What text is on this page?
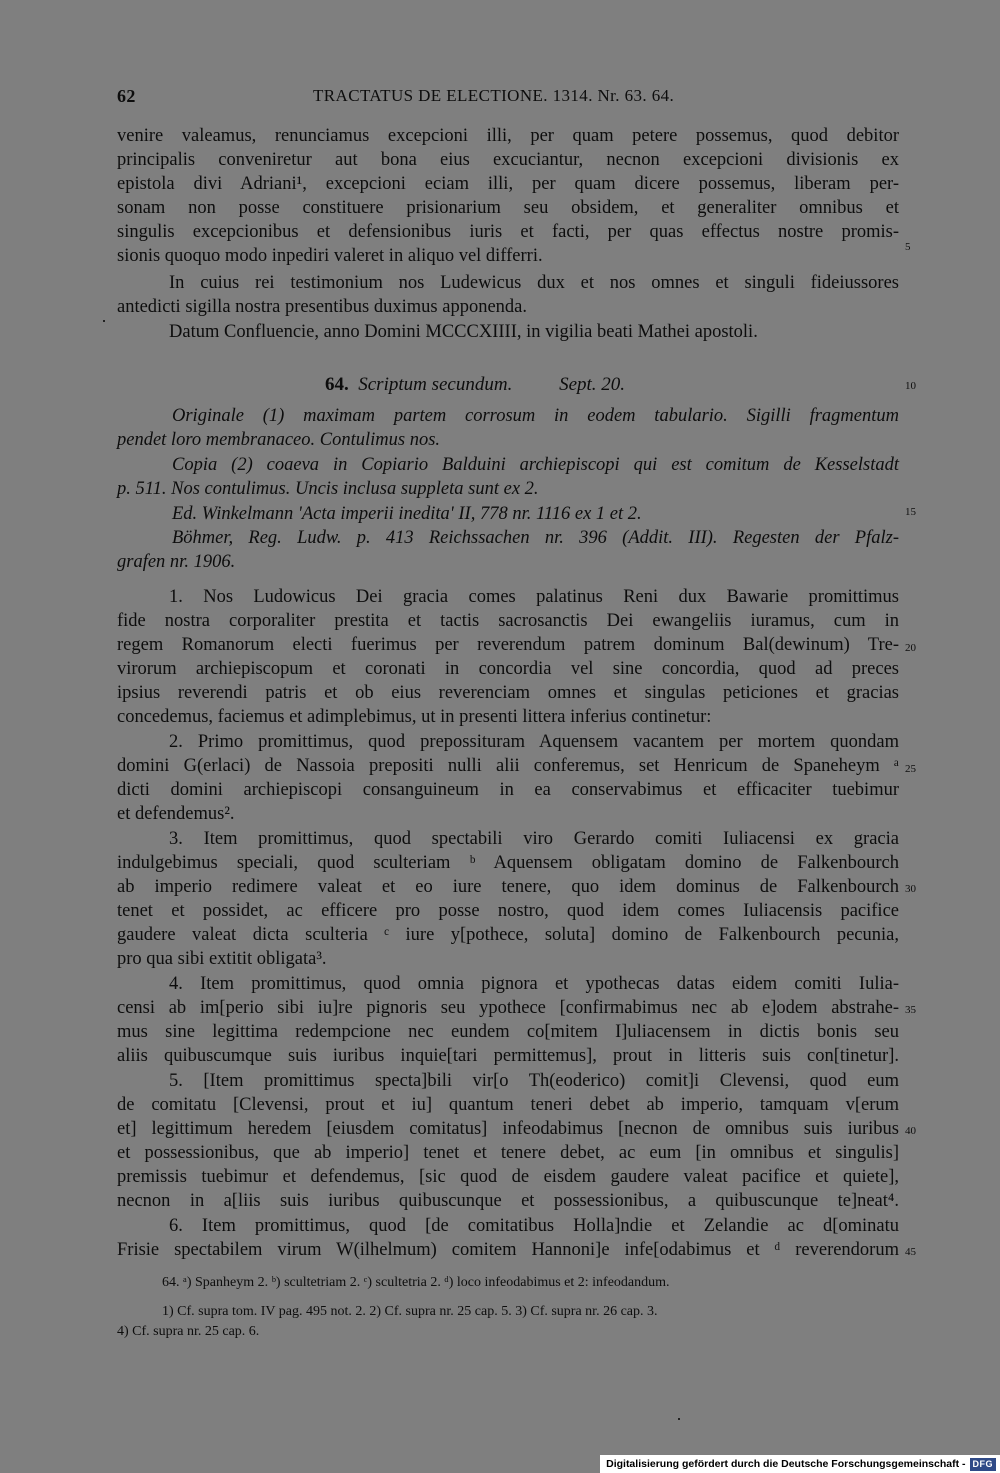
62	TRACTATUS DE ELECTIONE. 1314. Nr. 63. 64.
venire valeamus, renunciamus excepcioni illi, per quam petere possemus, quod debitor
principalis conveniretur aut bona eius excuciantur, necnon excepcioni divisionis ex
epistola divi Adriani¹, excepcioni eciam illi, per quam dicere possemus, liberam per-
sonam non posse constituere prisionarium seu obsidem, et generaliter omnibus et
singulis excepcionibus et defensionibus iuris et facti, per quas effectus nostre promis-
sionis quoquo modo inpediri valeret in aliquo vel differri.
In cuius rei testimonium nos Ludewicus dux et nos omnes et singuli fideiussores
antedicti sigilla nostra presentibus duximus apponenda.
Datum Confluencie, anno Domini MCCCXIIII, in vigilia beati Mathei apostoli.
64. Scriptum secundum. Sept. 20.
Originale (1) maximam partem corrosum in eodem tabulario. Sigilli fragmentum
pendet loro membranaceo. Contulimus nos.
Copia (2) coaeva in Copiario Balduini archiepiscopi qui est comitum de Kesselstadt
p. 511. Nos contulimus. Uncis inclusa suppleta sunt ex 2.
Ed. Winkelmann 'Acta imperii inedita' II, 778 nr. 1116 ex 1 et 2.
Böhmer, Reg. Ludw. p. 413 Reichssachen nr. 396 (Addit. III). Regesten der Pfalz-
grafen nr. 1906.
1. Nos Ludowicus Dei gracia comes palatinus Reni dux Bawarie promittimus
fide nostra corporaliter prestita et tactis sacrosanctis Dei ewangeliis iuramus, cum in
regem Romanorum electi fuerimus per reverendum patrem dominum Bal(dewinum) Tre-
virorum archiepiscopum et coronati in concordia vel sine concordia, quod ad preces
ipsius reverendi patris et ob eius reverenciam omnes et singulas peticiones et gracias
concedemus, faciemus et adimplebimus, ut in presenti littera inferius continetur:
2. Primo promittimus, quod prepossituram Aquensem vacantem per mortem quondam
domini G(erlaci) de Nassoia prepositi nulli alii conferemus, set Henricum de Spaneheym ᵃ
dicti domini archiepiscopi consanguineum in ea conservabimus et efficaciter tuebimur
et defendemus².
3. Item promittimus, quod spectabili viro Gerardo comiti Iuliacensi ex gracia
indulgebimus speciali, quod sculteriam ᵇ Aquensem obligatam domino de Falkenbourch
ab imperio redimere valeat et eo iure tenere, quo idem dominus de Falkenbourch
tenet et possidet, ac efficere pro posse nostro, quod idem comes Iuliacensis pacifice
gaudere valeat dicta sculteria ᶜ iure y[pothece, soluta] domino de Falkenbourch pecunia,
pro qua sibi extitit obligata³.
4. Item promittimus, quod omnia pignora et ypothecas datas eidem comiti Iulia-
censi ab im[perio sibi iu]re pignoris seu ypothece [confirmabimus nec ab e]odem abstrahe-
mus sine legittima redempcione nec eundem co[mitem I]uliacensem in dictis bonis seu
aliis quibuscumque suis iuribus inquie[tari permittemus], prout in litteris suis con[tinetur].
5. [Item promittimus specta]bili vir[o Th(eoderico) comit]i Clevensi, quod eum
de comitatu [Clevensi, prout et iu] quantum teneri debet ab imperio, tamquam v[erum
et] legittimum heredem [eiusdem comitatus] infeodabimus [necnon de omnibus suis iuribus
et possessionibus, que ab imperio] tenet et tenere debet, ac eum [in omnibus et singulis]
premissis tuebimur et defendemus, [sic quod de eisdem gaudere valeat pacifice et quiete],
necnon in a[liis suis iuribus quibuscunque et possessionibus, a quibuscunque te]neat⁴.
6. Item promittimus, quod [de comitatibus Holla]ndie et Zelandie ac d[ominatu
Frisie spectabilem virum W(ilhelmum) comitem Hannoni]e infe[odabimus et ᵈ reverendorum
5
10
15
20
25
30
35
40
45
64. ᵃ) Spanheym 2. ᵇ) scultetriam 2. ᶜ) scultetria 2. ᵈ) loco infeodabimus et 2: infeodandum.
1) Cf. supra tom. IV pag. 495 not. 2. 2) Cf. supra nr. 25 cap. 5. 3) Cf. supra nr. 26 cap. 3.
4) Cf. supra nr. 25 cap. 6.
Digitalisierung gefördert durch die Deutsche Forschungsgemeinschaft - DFG
